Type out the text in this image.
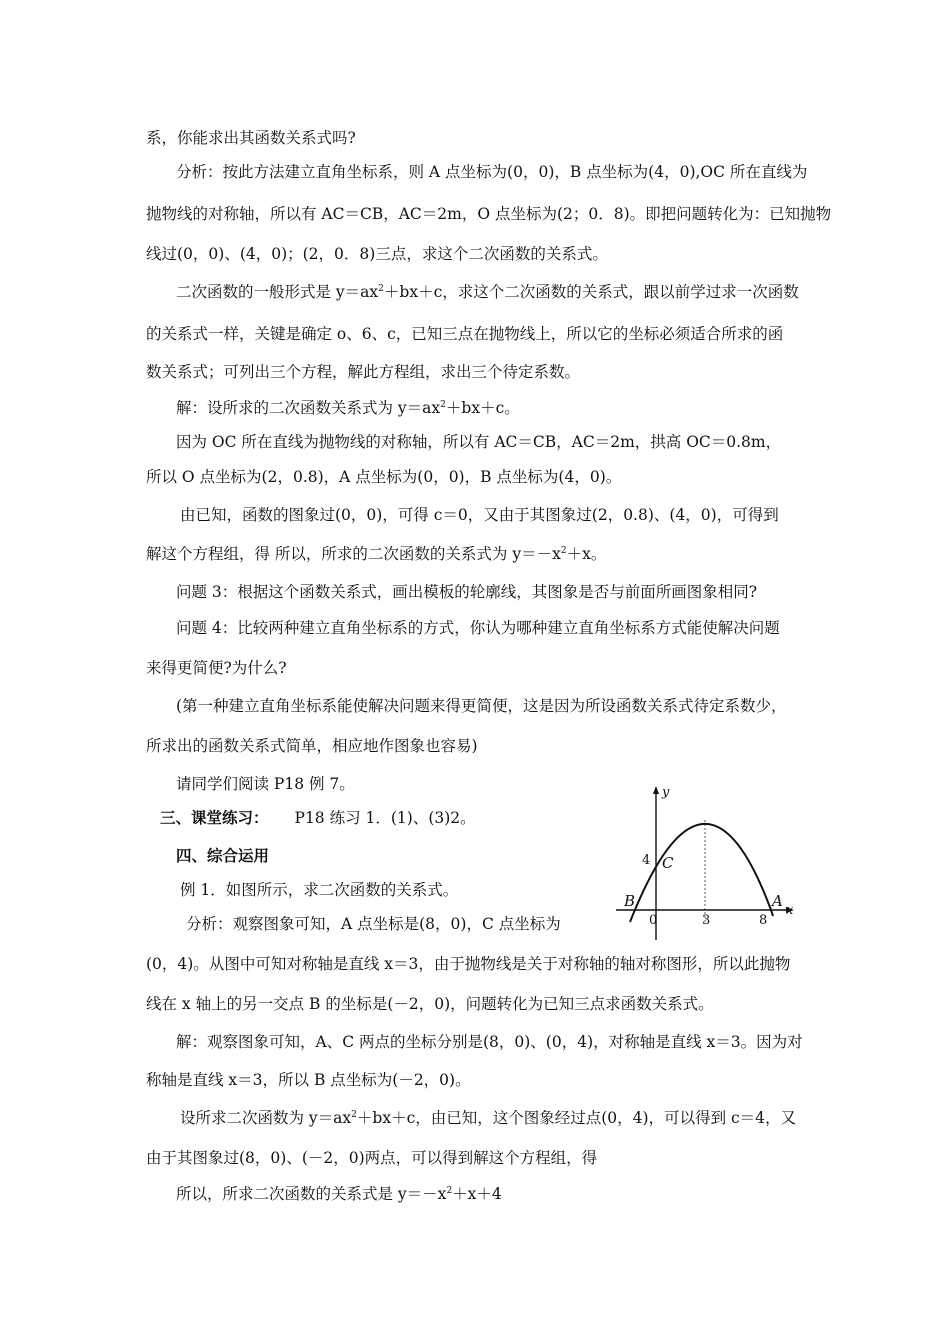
系，你能求出其函数关系式吗?
分析：按此方法建立直角坐标系，则 A 点坐标为(0，0)，B 点坐标为(4，0),OC 所在直线为
抛物线的对称轴，所以有 AC＝CB，AC＝2m，O 点坐标为(2；0．8)。即把问题转化为：已知抛物
线过(0，0)、(4，0)；(2，0．8)三点，求这个二次函数的关系式。
二次函数的一般形式是 $y=ax^2+bx+c$，求这个二次函数的关系式，跟以前学过求一次函数
的关系式一样，关键是确定 o、6、c，已知三点在抛物线上，所以它的坐标必须适合所求的函
数关系式；可列出三个方程，解此方程组，求出三个待定系数。
解：设所求的二次函数关系式为 $y=ax^2+bx+c$。
因为 OC 所在直线为抛物线的对称轴，所以有 AC＝CB，AC＝2m，拱高 OC＝0.8m，
所以 O 点坐标为(2，0.8)，A 点坐标为(0，0)，B 点坐标为(4，0)。
由已知，函数的图象过(0，0)，可得 c＝0，又由于其图象过(2，0.8)、(4，0)，可得到
解这个方程组，得 所以，所求的二次函数的关系式为 $y=-x^2+x$。
问题 3：根据这个函数关系式，画出模板的轮廓线，其图象是否与前面所画图象相同?
问题 4：比较两种建立直角坐标系的方式，你认为哪种建立直角坐标系方式能使解决问题
来得更简便?为什么?
(第一种建立直角坐标系能使解决问题来得更简便，这是因为所设函数关系式待定系数少，
所求出的函数关系式简单，相应地作图象也容易)
请同学们阅读 P18 例 7。
三、课堂练习： P18 练习 1．(1)、(3)2。
四、综合运用
例 1．如图所示，求二次函数的关系式。
分析：观察图象可知，A 点坐标是(8，0)，C 点坐标为
(0，4)。从图中可知对称轴是直线 x＝3，由于抛物线是关于对称轴的轴对称图形，所以此抛物
线在 x 轴上的另一交点 B 的坐标是(－2，0)，问题转化为已知三点求函数关系式。
解：观察图象可知，A、C 两点的坐标分别是(8，0)、(0，4)，对称轴是直线 x＝3。因为对
称轴是直线 x＝3，所以 B 点坐标为(－2，0)。
设所求二次函数为 $y=ax^2+bx+c$，由已知，这个图象经过点(0，4)，可以得到 c＝4，又
由于其图象过(8，0)、(－2，0)两点，可以得到解这个方程组，得
所以，所求二次函数的关系式是 $y=-x^2+x+4$
y
x
C
4
B
0	3	8
A
